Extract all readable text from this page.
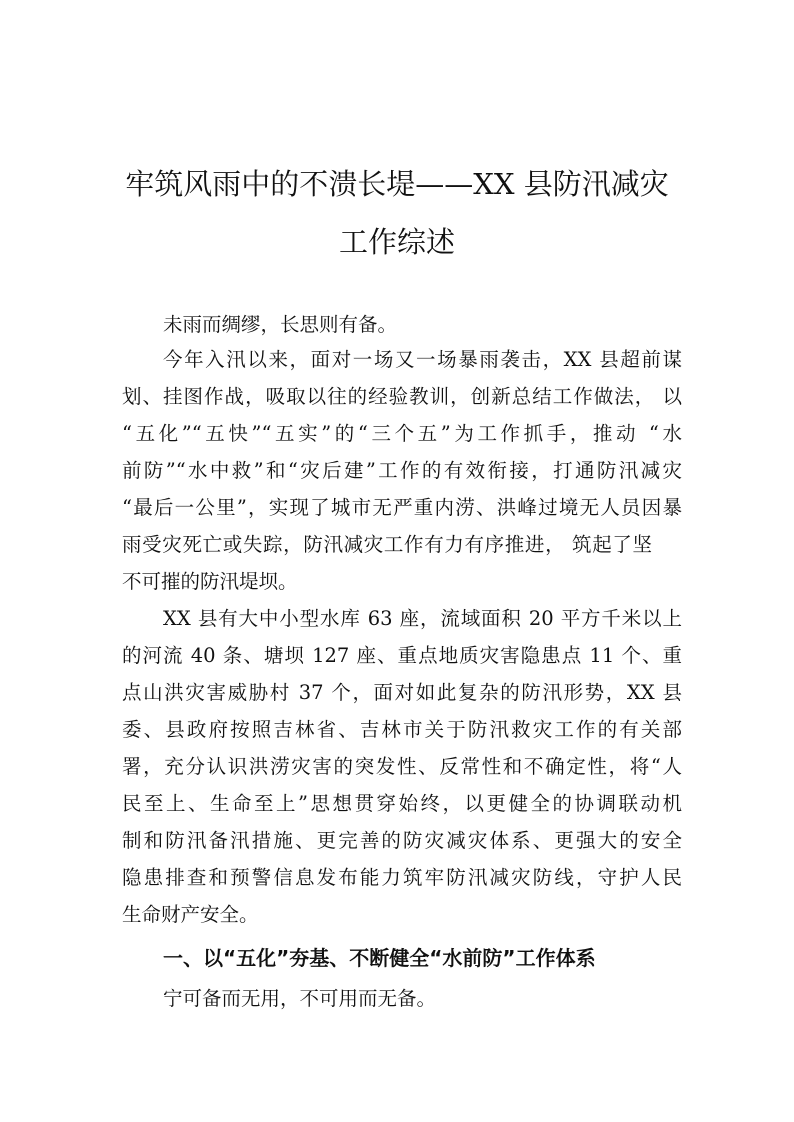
牢筑风雨中的不溃长堤——XX 县防汛减灾
工作综述
未雨而绸缪，长思则有备。
今年入汛以来，面对一场又一场暴雨袭击，XX 县超前谋
划、挂图作战，吸取以往的经验教训，创新总结工作做法， 以
“五化”“五快”“五实”的“三个五”为工作抓手，推动 “水
前防”“水中救”和“灾后建”工作的有效衔接，打通防汛减灾
“最后一公里”，实现了城市无严重内涝、洪峰过境无人员因暴
雨受灾死亡或失踪，防汛减灾工作有力有序推进， 筑起了坚
不可摧的防汛堤坝。
XX 县有大中小型水库 63 座，流域面积 20 平方千米以上
的河流 40 条、塘坝 127 座、重点地质灾害隐患点 11 个、重
点山洪灾害威胁村 37 个，面对如此复杂的防汛形势，XX 县
委、县政府按照吉林省、吉林市关于防汛救灾工作的有关部
署，充分认识洪涝灾害的突发性、反常性和不确定性，将“人
民至上、生命至上”思想贯穿始终，以更健全的协调联动机
制和防汛备汛措施、更完善的防灾减灾体系、更强大的安全
隐患排查和预警信息发布能力筑牢防汛减灾防线，守护人民
生命财产安全。
一、以“五化”夯基、不断健全“水前防”工作体系
宁可备而无用，不可用而无备。
